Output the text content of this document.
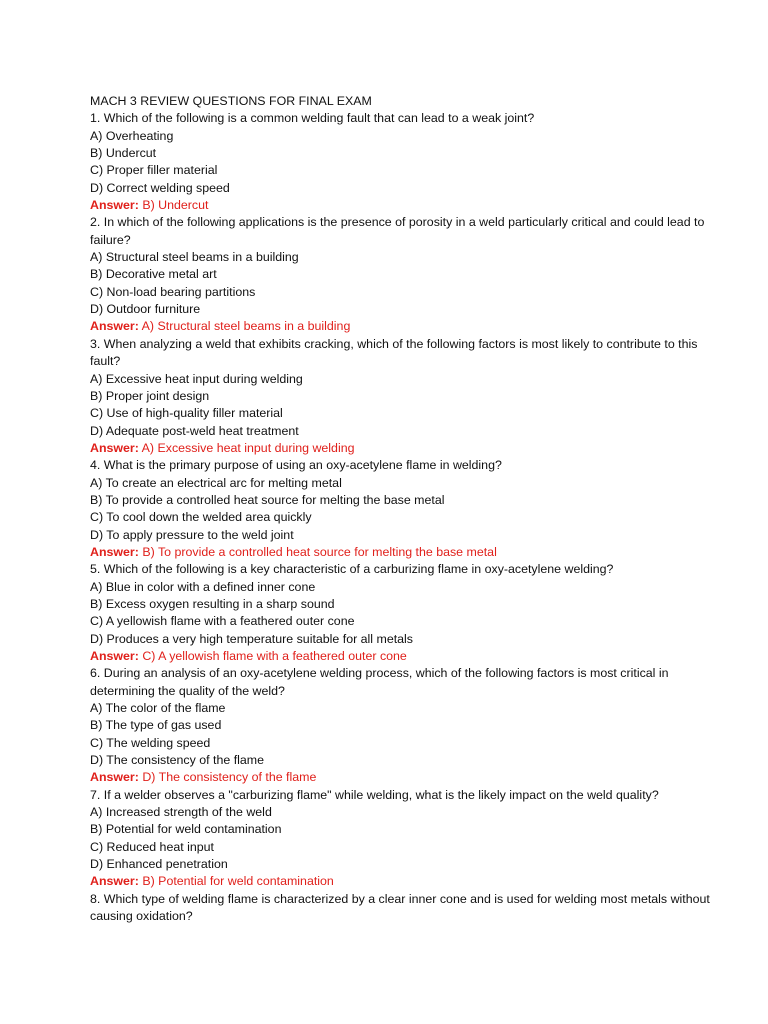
MACH 3 REVIEW QUESTIONS FOR FINAL EXAM

1. Which of the following is a common welding fault that can lead to a weak joint?

A) Overheating

B) Undercut

C) Proper filler material

D) Correct welding speed

Answer: B) Undercut

2. In which of the following applications is the presence of porosity in a weld particularly critical and could lead to failure?

A) Structural steel beams in a building

B) Decorative metal art

C) Non-load bearing partitions

D) Outdoor furniture

Answer: A) Structural steel beams in a building

3. When analyzing a weld that exhibits cracking, which of the following factors is most likely to contribute to this fault?

A) Excessive heat input during welding

B) Proper joint design

C) Use of high-quality filler material

D) Adequate post-weld heat treatment

Answer: A) Excessive heat input during welding

4. What is the primary purpose of using an oxy-acetylene flame in welding?

A) To create an electrical arc for melting metal

B) To provide a controlled heat source for melting the base metal

C) To cool down the welded area quickly

D) To apply pressure to the weld joint

Answer: B) To provide a controlled heat source for melting the base metal

5. Which of the following is a key characteristic of a carburizing flame in oxy-acetylene welding?

A) Blue in color with a defined inner cone

B) Excess oxygen resulting in a sharp sound

C) A yellowish flame with a feathered outer cone

D) Produces a very high temperature suitable for all metals

Answer: C) A yellowish flame with a feathered outer cone

6. During an analysis of an oxy-acetylene welding process, which of the following factors is most critical in determining the quality of the weld?

A) The color of the flame

B) The type of gas used

C) The welding speed

D) The consistency of the flame

Answer: D) The consistency of the flame

7. If a welder observes a "carburizing flame" while welding, what is the likely impact on the weld quality?

A) Increased strength of the weld

B) Potential for weld contamination

C) Reduced heat input

D) Enhanced penetration

Answer: B) Potential for weld contamination

8. Which type of welding flame is characterized by a clear inner cone and is used for welding most metals without causing oxidation?
